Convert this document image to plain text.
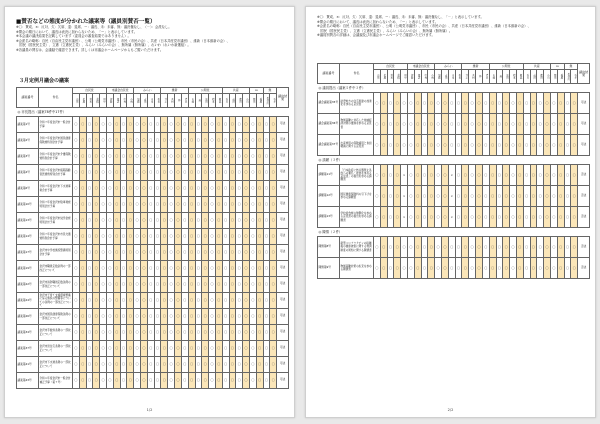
■賛否などの態度が分かれた議案等（議員別賛否一覧）
※〇：賛成、×：反対、欠：欠席、退：退席、ー：議長、未：未審、無：議決権なし、（－）：会派なし。
※閉会の期日において、議長は表決に加わらないため、「ー」と表示しています。
※本会議の議決結果を記載しています（委員会の審査結果ではありません）。
※会派名の略称：自民（自由民主党市議団）、公明（公明党市議団）、市民（市民の会）、共産（日本共産党市議団）、維新（日本維新の会）、
　国民（国民民主党）、立憲（立憲民主党）、みらい（みらいの会）、無所属（無所属）、れいわ（れいわ新選組）。
※各議員の賛否は、会議録で確認できます。詳しくは市議会ホームページからもご覧いただけます。
３月定例月議会の議案
議案番号	件名	自民党					市議会自民党				みらい				維新				公明党					共産				ｍ		無		議決結果
		山田	佐藤	鈴木	高橋	田中	伊藤	渡辺	中村	小林	加藤	吉田	山本	松本	井上	木村	林	清水	山崎	森	池田	橋本	阿部	石川	前田	藤田	小川	岡田	後藤	長谷川	石井	
◎ 市長提出（議案78件中17件）																																
議案第1号	令和７年度金沢市一般会計予算	〇	〇	〇	〇	〇	〇	〇	〇	〇	〇	〇	〇	〇	〇	〇	〇	〇	〇	〇	〇	〇	〇	〇	〇	〇	〇	〇	〇	〇	〇	可決
議案第2号	令和７年度金沢市国民健康保険費特別会計予算	〇	〇	〇	〇	〇	〇	〇	〇	〇	〇	〇	〇	〇	〇	〇	〇	〇	〇	〇	〇	〇	〇	〇	〇	〇	〇	〇	〇	〇	〇	可決
議案第3号	令和７年度金沢市介護保険費特別会計予算	〇	〇	〇	〇	〇	〇	〇	〇	〇	〇	〇	〇	〇	〇	〇	〇	〇	〇	〇	〇	〇	〇	〇	〇	〇	〇	〇	〇	〇	〇	可決
議案第4号	令和７年度金沢市後期高齢者医療費特別会計予算	〇	〇	〇	〇	〇	〇	〇	〇	〇	〇	〇	〇	〇	〇	〇	〇	〇	〇	〇	〇	〇	〇	〇	〇	〇	〇	〇	〇	〇	〇	可決
議案第6号	令和７年度金沢市下水道事業会計予算	〇	〇	〇	〇	〇	〇	〇	〇	〇	〇	〇	〇	〇	〇	〇	〇	〇	〇	〇	〇	〇	〇	〇	〇	〇	〇	〇	〇	〇	〇	可決
議案第10号	令和７年度金沢市駐車場費特別会計予算	〇	〇	〇	〇	〇	〇	〇	〇	〇	〇	〇	〇	〇	〇	〇	〇	〇	〇	〇	〇	〇	〇	〇	〇	〇	〇	〇	〇	〇	〇	可決
議案第13号	令和７年度金沢市奨学金費特別会計予算	〇	〇	〇	〇	〇	〇	〇	〇	〇	〇	〇	〇	〇	〇	〇	〇	〇	〇	〇	〇	〇	〇	〇	〇	〇	〇	〇	〇	〇	〇	可決
議案第14号	令和７年度金沢市市民交通費特別会計予算	〇	〇	〇	〇	〇	〇	〇	〇	〇	〇	〇	〇	〇	〇	〇	〇	〇	〇	〇	〇	〇	〇	〇	〇	〇	〇	〇	〇	〇	〇	可決
議案第17号	金沢市中学校施設整備特別会計予算	〇	〇	〇	〇	〇	〇	〇	〇	〇	〇	〇	〇	〇	〇	〇	〇	〇	〇	〇	〇	〇	〇	〇	〇	〇	〇	〇	〇	〇	〇	可決
議案第19号	金沢市職員定数条例の一部改正について	〇	〇	〇	〇	〇	〇	〇	〇	〇	〇	〇	〇	〇	〇	〇	〇	〇	〇	〇	〇	〇	〇	〇	〇	〇	〇	〇	〇	〇	〇	可決
議案第22号	金沢市消防職員定数条例の一部改正について	〇	〇	〇	〇	〇	〇	〇	〇	〇	〇	〇	〇	〇	〇	〇	〇	〇	〇	〇	〇	〇	〇	〇	〇	〇	〇	〇	〇	〇	〇	可決
議案第24号	金沢市子育て支援環境整備に係る施設の整備等についての条例の一部改正について	〇	〇	〇	〇	〇	〇	〇	〇	〇	〇	〇	〇	〇	〇	〇	〇	〇	〇	〇	〇	〇	〇	〇	〇	〇	〇	〇	〇	〇	〇	可決
議案第26号	金沢市国民健康保険条例の一部改正について	〇	〇	〇	〇	〇	〇	〇	〇	〇	〇	〇	〇	〇	〇	〇	〇	〇	〇	〇	〇	〇	〇	〇	〇	〇	〇	〇	〇	〇	〇	可決
議案第34号	金沢市手数料条例の一部改正について	〇	〇	〇	〇	〇	〇	〇	〇	〇	〇	〇	〇	〇	〇	〇	〇	〇	〇	〇	〇	〇	〇	〇	〇	〇	〇	〇	〇	〇	〇	可決
議案第37号	金沢市営住宅条例の一部改正について	〇	〇	〇	〇	〇	〇	〇	〇	〇	〇	〇	〇	〇	〇	〇	〇	〇	〇	〇	〇	〇	〇	〇	〇	〇	〇	〇	〇	〇	〇	可決
議案第41号	金沢市下水道条例の一部改正について	〇	〇	〇	〇	〇	〇	〇	〇	〇	〇	〇	〇	〇	〇	〇	〇	〇	〇	〇	〇	〇	〇	〇	〇	〇	〇	〇	〇	〇	〇	可決
議案第43号	令和６年度金沢市一般会計補正予算（第７号）	〇	〇	〇	〇	〇	〇	〇	〇	〇	〇	〇	〇	〇	〇	〇	〇	〇	〇	〇	〇	〇	〇	〇	〇	〇	〇	〇	〇	〇	〇	可決
1/2
※〇：賛成、×：反対、欠：欠席、退：退席、ー：議長、未：未審、無：議決権なし、「－」と表示しています。
※閉会の期日において、議長は表決に加わらないため、「ー」と表示しています。
※会派名の略称：自民（自由民主党市議団）、公明（公明党市議団）、市民（市民の会）、共産（日本共産党市議団）、維新（日本維新の会）、
　国民（国民民主党）、立憲（立憲民主党）、みらい（みらいの会）、無所属（無所属）。
※議員別賛否の詳細は、会議録及び市議会ホームページでご確認いただけます。
議案番号	件名	自民党					市議会自民党				みらい				維新				公明党					共産				ｍ		無		議決結果
		山田	佐藤	鈴木	高橋	田中	伊藤	渡辺	中村	小林	加藤	吉田	山本	松本	井上	木村	林	清水	山崎	森	池田	橋本	阿部	石川	前田	藤田	小川	岡田	後藤	長谷川	石井	
◎ 議員提出（議案５件中３件）																																
議会議案第35号	能登地方の住宅再建の加速化を求める意見書	〇	〇	〇	〇	〇	〇	〇	〇	〇	〇	〇	〇	〇	〇	〇	〇	〇	〇	〇	〇	〇	〇	〇	〇	〇	〇	〇	〇	〇	〇	可決
議会議案第36号	物価高騰に対応した地域経済対策の推進を求める意見書	〇	〇	〇	〇	〇	〇	〇	〇	〇	〇	〇	〇	〇	〇	〇	〇	〇	〇	〇	〇	〇	〇	〇	〇	〇	〇	〇	〇	〇	〇	可決
議会議案第37号	出産費用の保険適用と負担軽減に関する意見書	〇	〇	〇	〇	〇	〇	〇	〇	〇	〇	〇	〇	〇	〇	〇	〇	〇	〇	〇	〇	〇	〇	〇	〇	〇	〇	〇	〇	〇	〇	可決
◎ 請願（３件）																																
請願第11号	「日本政府に核兵器禁止条約への署名・批准を求める意見書」の提出を求める請願書	〇	〇	〇	〇	×	〇	〇	〇	〇	〇	〇	×	〇	〇	〇	〇	〇	〇	〇	〇	〇	〇	〇	〇	〇	〇	〇	〇	〇	〇	否決
請願第12号	国民健康保険料の引下げを求める請願書	〇	〇	〇	〇	×	〇	〇	〇	〇	〇	〇	×	〇	〇	〇	〇	〇	〇	〇	〇	〇	〇	〇	〇	〇	〇	〇	〇	〇	〇	否決
請願第13号	学校給食費の無償化を求める意見書の提出を求める請願書	〇	〇	〇	〇	×	〇	〇	〇	〇	〇	〇	×	〇	〇	〇	〇	〇	〇	〇	〇	〇	〇	〇	〇	〇	〇	〇	〇	〇	〇	否決
◎ 陳情（２件）																																
陳情第8号	新型コロナワクチンの接種後の健康被害に関する救済制度の周知に関する陳情書	〇	〇	〇	〇	〇	〇	〇	〇	〇	〇	〇	〇	〇	〇	〇	〇	〇	〇	〇	〇	〇	〇	〇	〇	〇	〇	〇	〇	〇	〇	否決
陳情第9号	物価高騰対策の拡充を求める陳情書	〇	〇	〇	〇	〇	〇	〇	〇	〇	〇	〇	〇	〇	〇	〇	〇	〇	〇	〇	〇	〇	〇	〇	〇	〇	〇	〇	〇	〇	〇	否決
2/2
